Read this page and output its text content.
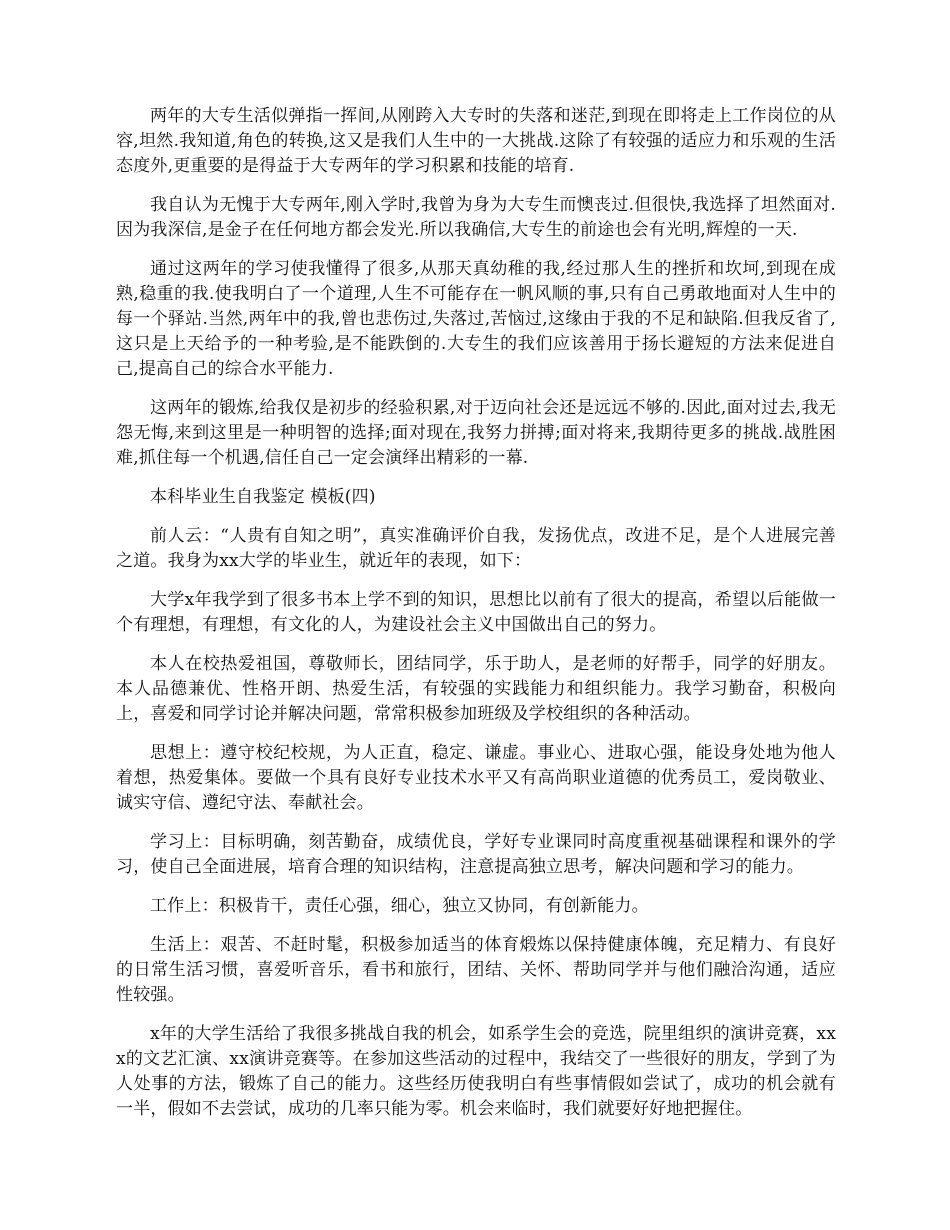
两年的大专生活似弹指一挥间,从刚跨入大专时的失落和迷茫,到现在即将走上工作岗位的从容,坦然.我知道,角色的转换,这又是我们人生中的一大挑战.这除了有较强的适应力和乐观的生活态度外,更重要的是得益于大专两年的学习积累和技能的培育.

我自认为无愧于大专两年,刚入学时,我曾为身为大专生而懊丧过.但很快,我选择了坦然面对.因为我深信,是金子在任何地方都会发光.所以我确信,大专生的前途也会有光明,辉煌的一天.

通过这两年的学习使我懂得了很多,从那天真幼稚的我,经过那人生的挫折和坎坷,到现在成熟,稳重的我.使我明白了一个道理,人生不可能存在一帆风顺的事,只有自己勇敢地面对人生中的每一个驿站.当然,两年中的我,曾也悲伤过,失落过,苦恼过,这缘由于我的不足和缺陷.但我反省了,这只是上天给予的一种考验,是不能跌倒的.大专生的我们应该善用于扬长避短的方法来促进自己,提高自己的综合水平能力.

这两年的锻炼,给我仅是初步的经验积累,对于迈向社会还是远远不够的.因此,面对过去,我无怨无悔,来到这里是一种明智的选择;面对现在,我努力拼搏;面对将来,我期待更多的挑战.战胜困难,抓住每一个机遇,信任自己一定会演绎出精彩的一幕.

本科毕业生自我鉴定 模板(四)

前人云：“人贵有自知之明”，真实准确评价自我，发扬优点，改进不足，是个人进展完善之道。我身为xx大学的毕业生，就近年的表现，如下：

大学x年我学到了很多书本上学不到的知识，思想比以前有了很大的提高，希望以后能做一个有理想，有理想，有文化的人，为建设社会主义中国做出自己的努力。

本人在校热爱祖国，尊敬师长，团结同学，乐于助人，是老师的好帮手，同学的好朋友。本人品德兼优、性格开朗、热爱生活，有较强的实践能力和组织能力。我学习勤奋，积极向上，喜爱和同学讨论并解决问题，常常积极参加班级及学校组织的各种活动。

思想上：遵守校纪校规，为人正直，稳定、谦虚。事业心、进取心强，能设身处地为他人着想，热爱集体。要做一个具有良好专业技术水平又有高尚职业道德的优秀员工，爱岗敬业、诚实守信、遵纪守法、奉献社会。

学习上：目标明确，刻苦勤奋，成绩优良，学好专业课同时高度重视基础课程和课外的学习，使自己全面进展，培育合理的知识结构，注意提高独立思考，解决问题和学习的能力。

工作上：积极肯干，责任心强，细心，独立又协同，有创新能力。

生活上：艰苦、不赶时髦，积极参加适当的体育煅炼以保持健康体魄，充足精力、有良好的日常生活习惯，喜爱听音乐，看书和旅行，团结、关怀、帮助同学并与他们融洽沟通，适应性较强。

x年的大学生活给了我很多挑战自我的机会，如系学生会的竞选，院里组织的演讲竞赛，xxx的文艺汇演、xx演讲竞赛等。在参加这些活动的过程中，我结交了一些很好的朋友，学到了为人处事的方法，锻炼了自己的能力。这些经历使我明白有些事情假如尝试了，成功的机会就有一半，假如不去尝试，成功的几率只能为零。机会来临时，我们就要好好地把握住。
